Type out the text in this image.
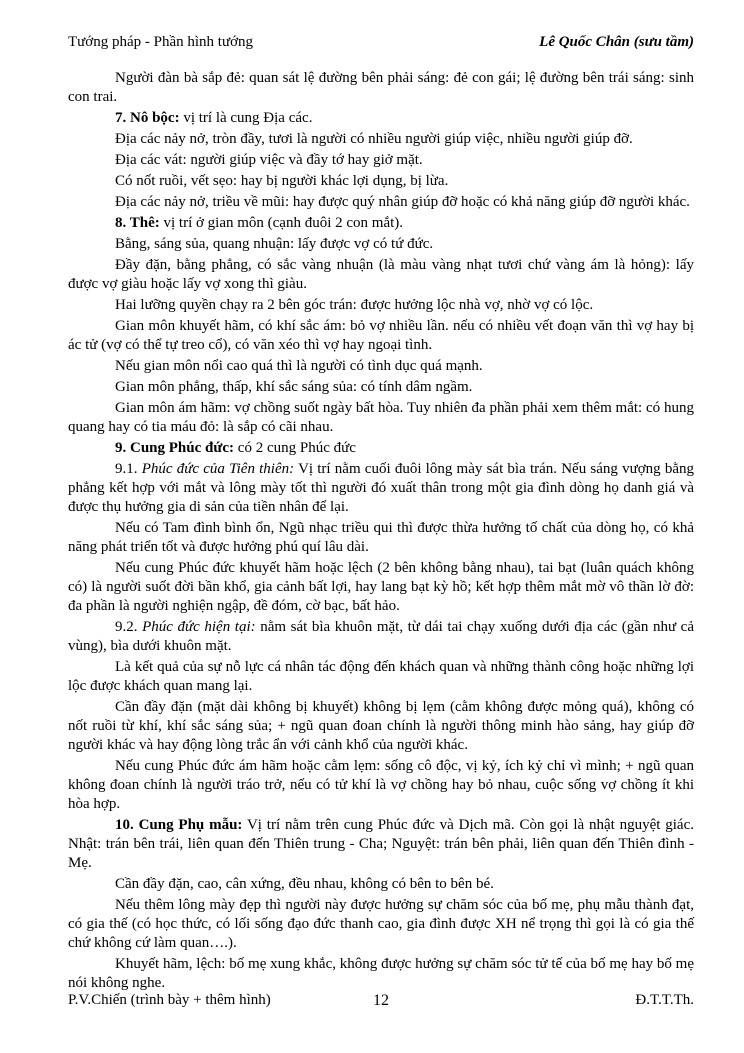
Tướng pháp - Phần hình tướng	Lê Quốc Chân (sưu tầm)

Người đàn bà sắp đẻ: quan sát lệ đường bên phải sáng: đẻ con gái; lệ đường bên trái sáng: sinh con trai.

7. Nô bộc: vị trí là cung Địa các.

Địa các nảy nở, tròn đầy, tươi là người có nhiều người giúp việc, nhiều người giúp đỡ.

Địa các vát: người giúp việc và đầy tớ hay giở mặt.

Có nốt ruồi, vết sẹo: hay bị người khác lợi dụng, bị lừa.

Địa các nảy nở, triều về mũi: hay được quý nhân giúp đỡ hoặc có khả năng giúp đỡ người khác.

8. Thê: vị trí ở gian môn (cạnh đuôi 2 con mắt).

Bằng, sáng sủa, quang nhuận: lấy được vợ có tứ đức.

Đầy đặn, bằng phẳng, có sắc vàng nhuận (là màu vàng nhạt tươi chứ vàng ám là hỏng): lấy được vợ giàu hoặc lấy vợ xong thì giàu.

Hai lưỡng quyền chạy ra 2 bên góc trán: được hưởng lộc nhà vợ, nhờ vợ có lộc.

Gian môn khuyết hãm, có khí sắc ám: bỏ vợ nhiều lần. nếu có nhiều vết đoạn văn thì vợ hay bị ác tử (vợ có thể tự treo cổ), có văn xéo thì vợ hay ngoại tình.

Nếu gian môn nổi cao quá thì là người có tình dục quá mạnh.

Gian môn phẳng, thấp, khí sắc sáng sủa: có tính dâm ngầm.

Gian môn ám hãm: vợ chồng suốt ngày bất hòa. Tuy nhiên đa phần phải xem thêm mắt: có hung quang hay có tia máu đỏ: là sắp có cãi nhau.

9. Cung Phúc đức: có 2 cung Phúc đức

9.1. Phúc đức của Tiên thiên: Vị trí nằm cuối đuôi lông mày sát bìa trán. Nếu sáng vượng bằng phẳng kết hợp với mắt và lông mày tốt thì người đó xuất thân trong một gia đình dòng họ danh giá và được thụ hưởng gia di sản của tiền nhân để lại.

Nếu có Tam đình bình ổn, Ngũ nhạc triều qui thì được thừa hưởng tố chất của dòng họ, có khả năng phát triển tốt và được hưởng phú quí lâu dài.

Nếu cung Phúc đức khuyết hãm hoặc lệch (2 bên không bằng nhau), tai bạt (luân quách không có) là người suốt đời bần khổ, gia cảnh bất lợi, hay lang bạt kỳ hồ; kết hợp thêm mắt mờ vô thần lờ đờ: đa phần là người nghiện ngập, đề đóm, cờ bạc, bất hảo.

9.2. Phúc đức hiện tại: nằm sát bìa khuôn mặt, từ dái tai chạy xuống dưới địa các (gần như cả vùng), bìa dưới khuôn mặt.

Là kết quả của sự nỗ lực cá nhân tác động đến khách quan và những thành công hoặc những lợi lộc được khách quan mang lại.

Cần đầy đặn (mặt dài không bị khuyết) không bị lẹm (cằm không được mỏng quá), không có nốt ruồi từ khí, khí sắc sáng sủa; + ngũ quan đoan chính là người thông minh hào sảng, hay giúp đỡ người khác và hay động lòng trắc ẩn với cảnh khổ của người khác.

Nếu cung Phúc đức ám hãm hoặc cằm lẹm: sống cô độc, vị kỷ, ích kỷ chỉ vì mình; + ngũ quan không đoan chính là người tráo trở, nếu có tử khí là vợ chồng hay bỏ nhau, cuộc sống vợ chồng ít khi hòa hợp.

10. Cung Phụ mẫu: Vị trí nằm trên cung Phúc đức và Dịch mã. Còn gọi là nhật nguyệt giác. Nhật: trán bên trái, liên quan đến Thiên trung - Cha; Nguyệt: trán bên phải, liên quan đến Thiên đình - Mẹ.

Cần đầy đặn, cao, cân xứng, đều nhau, không có bên to bên bé.

Nếu thêm lông mày đẹp thì người này được hưởng sự chăm sóc của bố mẹ, phụ mẫu thành đạt, có gia thế (có học thức, có lối sống đạo đức thanh cao, gia đình được XH nể trọng thì gọi là có gia thế chứ không cứ làm quan….).

Khuyết hãm, lệch: bố mẹ xung khắc, không được hưởng sự chăm sóc tử tế của bố mẹ hay bố mẹ nói không nghe.

P.V.Chiến (trình bày + thêm hình)	12	Đ.T.T.Th.
